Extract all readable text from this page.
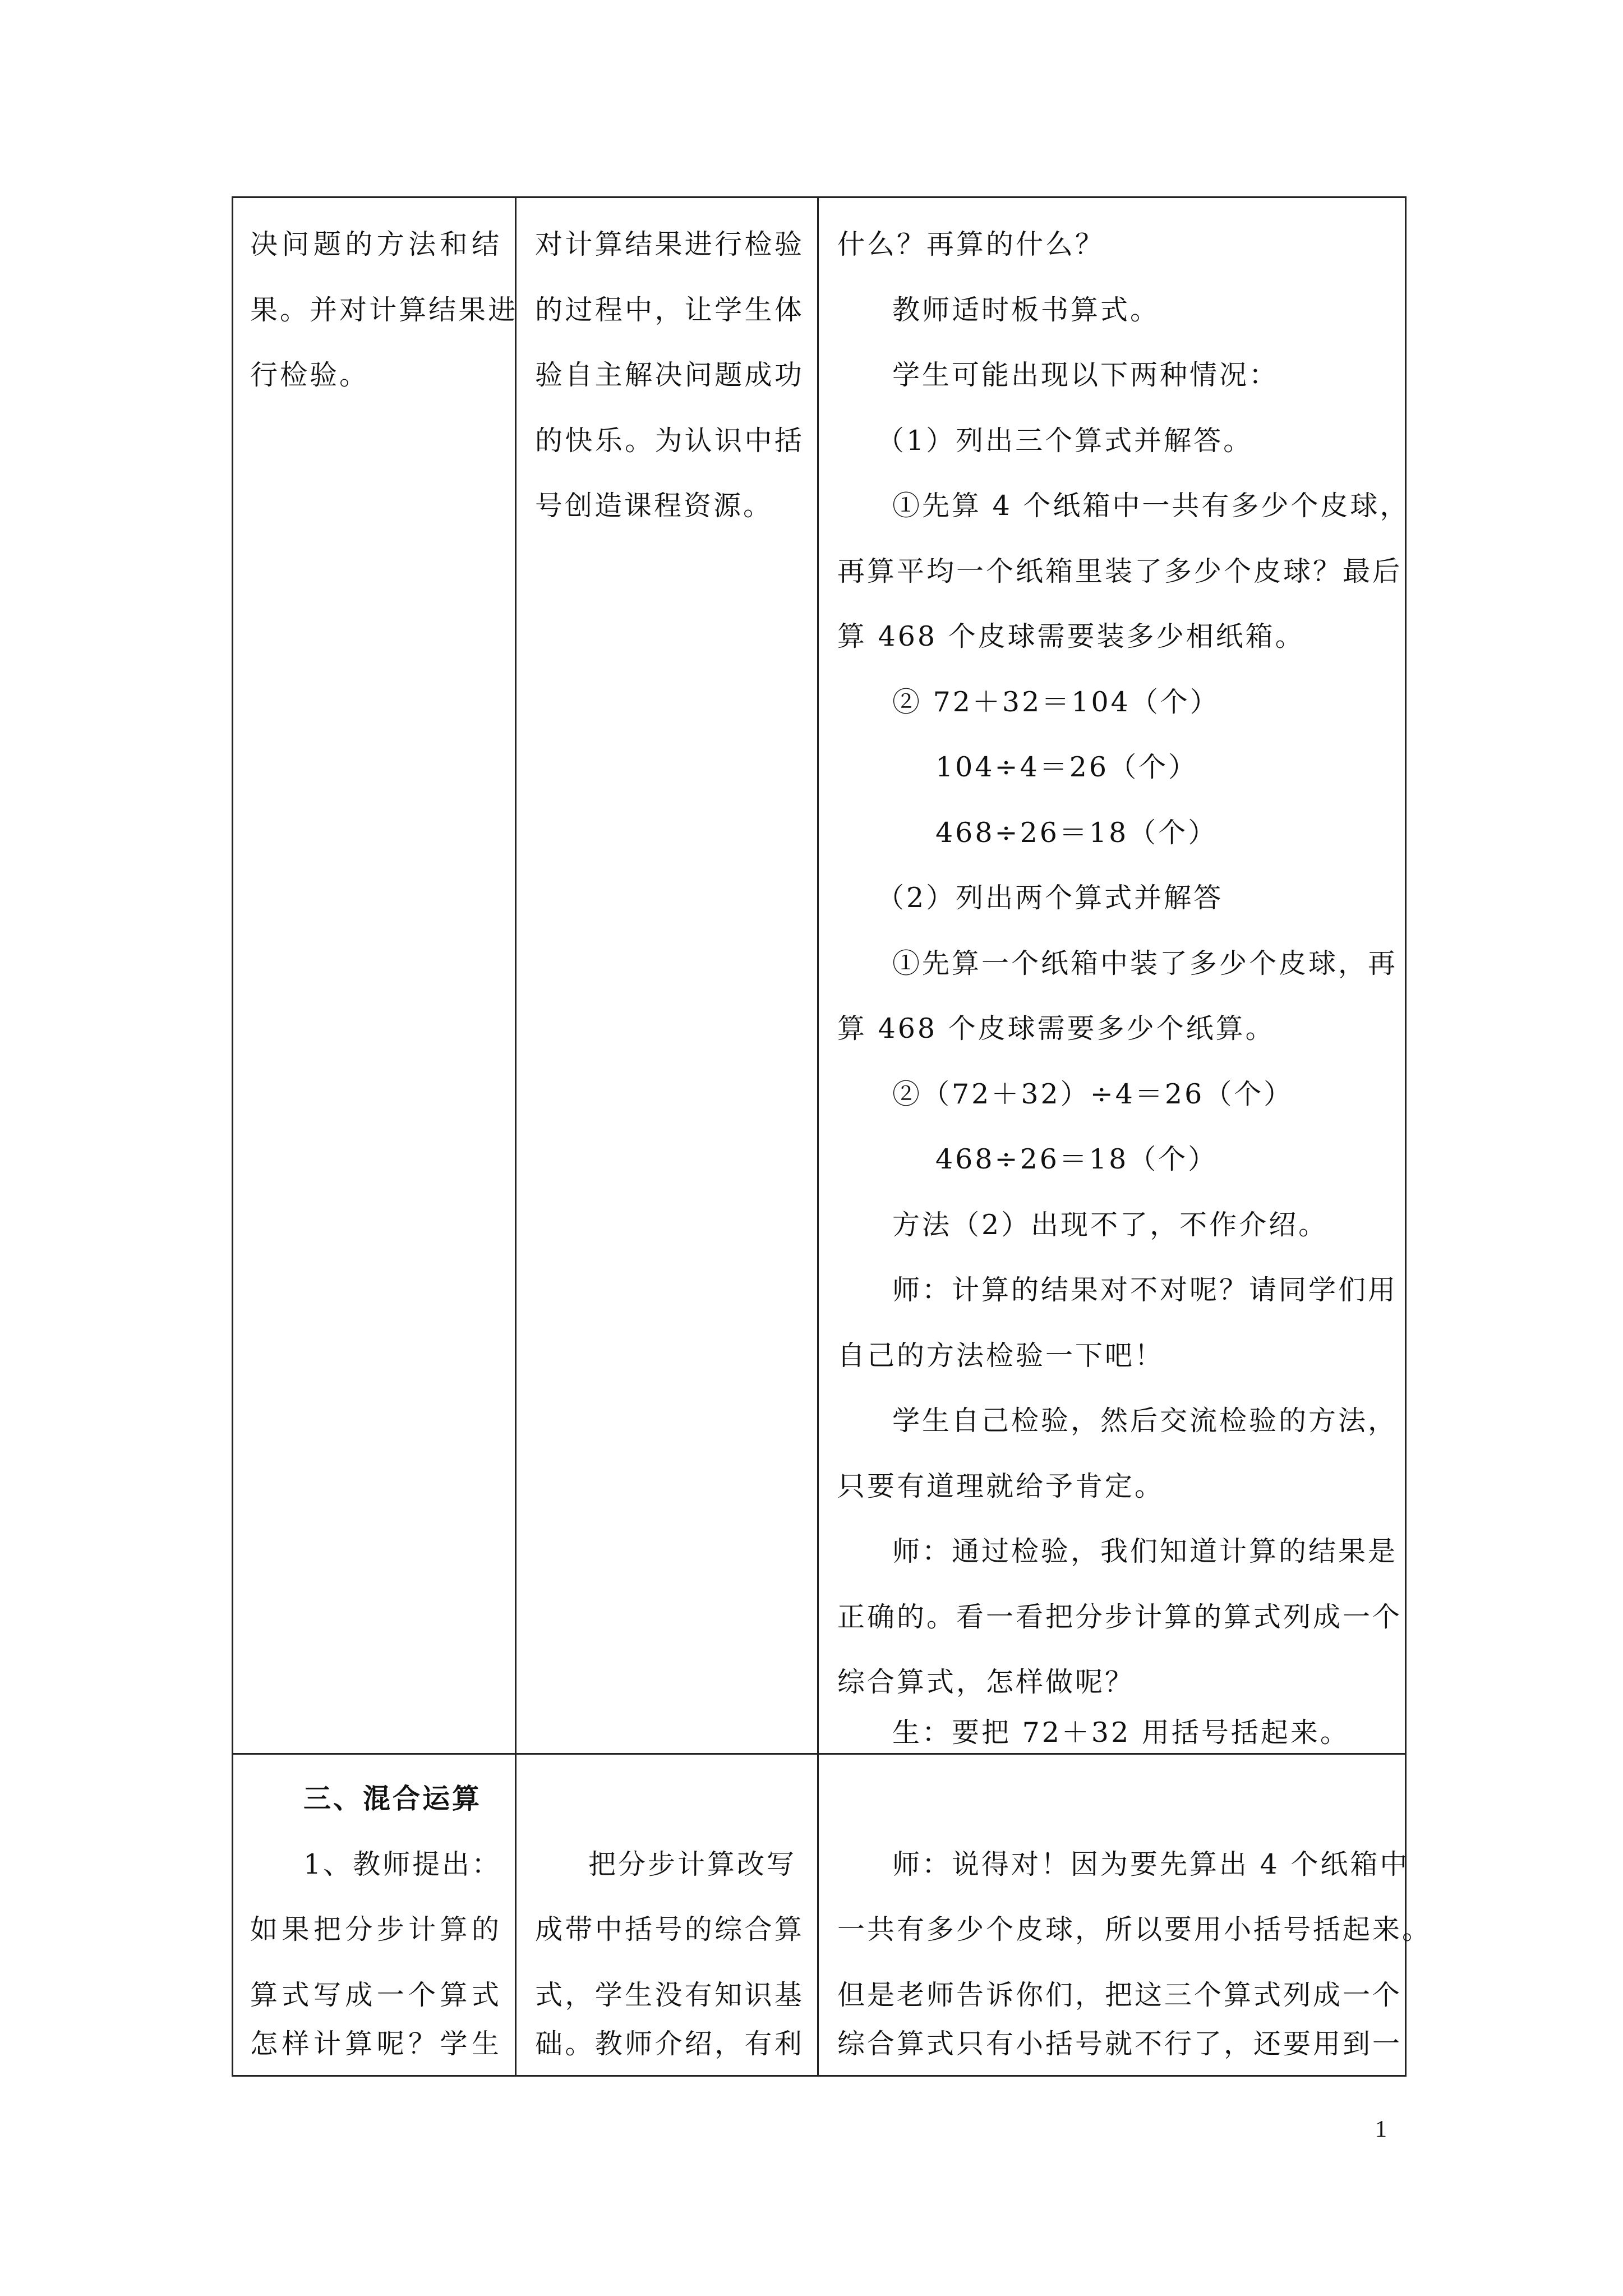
决 问 题 的 方 法 和 结
果 。 并 对 计 算 结 果 进
行检验。
对 计 算 结 果 进 行 检 验
的 过 程 中 ， 让 学 生 体
验 自 主 解 决 问 题 成 功
的 快 乐 。 为 认 识 中 括
号创造课程资源。
什么？再算的什么？
教师适时板书算式。
学生可能出现以下两种情况：
（1）列出三个算式并解答。
①先算 4 个纸箱中一共有多少个皮球，
再算平均一个纸箱里装了多少个皮球？最后
算 468 个皮球需要装多少相纸箱。
② 72＋32＝104（个）
104÷4＝26（个）
468÷26＝18（个）
（2）列出两个算式并解答
①先算一个纸箱中装了多少个皮球，再
算 468 个皮球需要多少个纸算。
②（72＋32）÷4＝26（个）
468÷26＝18（个）
方法（2）出现不了，不作介绍。
师：计算的结果对不对呢？请同学们用
自己的方法检验一下吧！
学生自己检验，然后交流检验的方法，
只要有道理就给予肯定。
师：通过检验，我们知道计算的结果是
正确的。看一看把分步计算的算式列成一个
综合算式，怎样做呢？
生：要把 72＋32 用括号括起来。
三、混合运算
1、教师提出：
如 果 把 分 步 计 算 的
算 式 写 成 一 个 算 式
怎 样 计 算 呢 ？ 学 生
把分步计算改写
成 带 中 括 号 的 综 合 算
式 ， 学 生 没 有 知 识 基
础 。 教 师 介 绍 ， 有 利
师：说得对！因为要先算出 4 个纸箱中
一共有多少个皮球，所以要用小括号括起来。
但是老师告诉你们，把这三个算式列成一个
综合算式只有小括号就不行了，还要用到一
1
